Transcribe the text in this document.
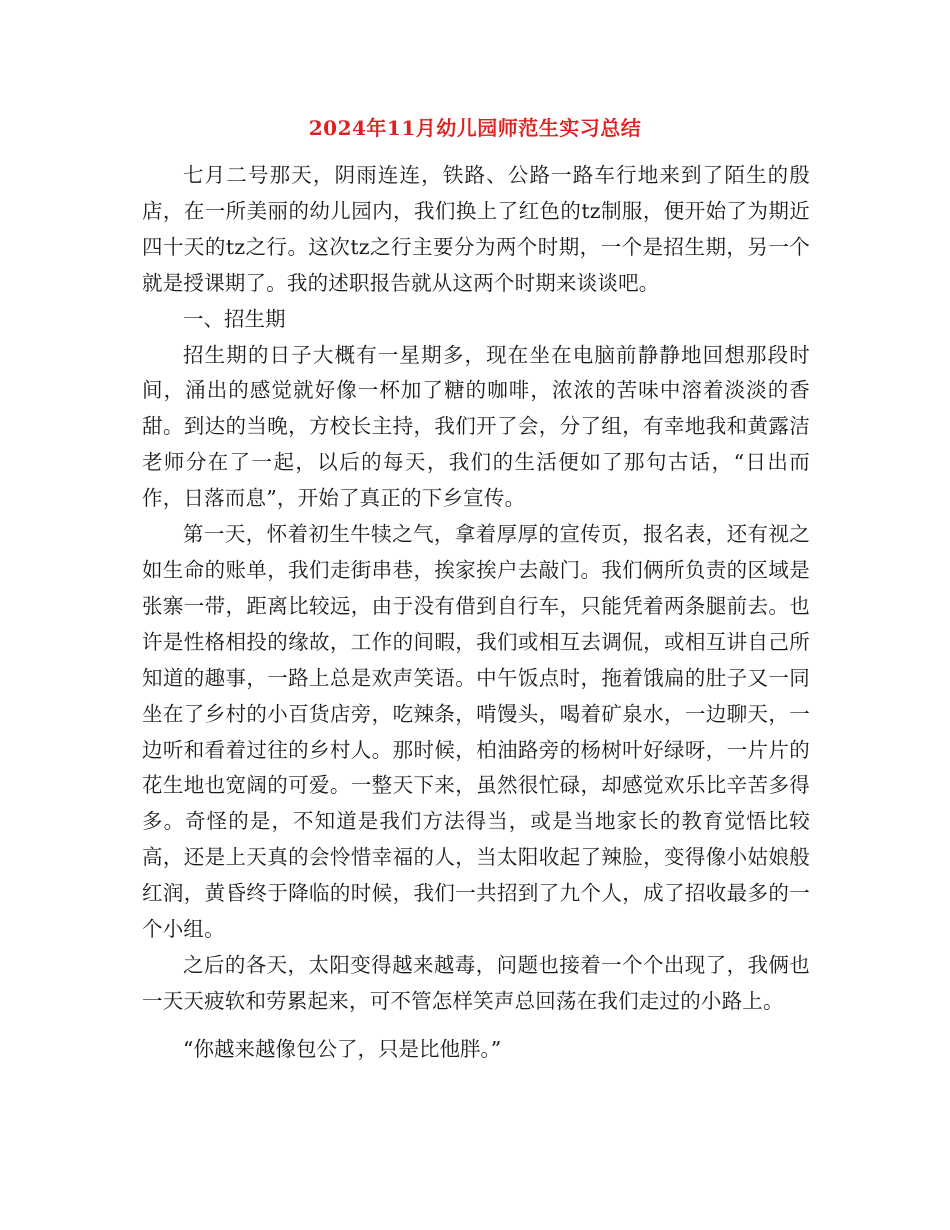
2024年11月幼儿园师范生实习总结

七月二号那天，阴雨连连，铁路、公路一路车行地来到了陌生的殷店，在一所美丽的幼儿园内，我们换上了红色的tz制服，便开始了为期近四十天的tz之行。这次tz之行主要分为两个时期，一个是招生期，另一个就是授课期了。我的述职报告就从这两个时期来谈谈吧。

一、招生期

招生期的日子大概有一星期多，现在坐在电脑前静静地回想那段时间，涌出的感觉就好像一杯加了糖的咖啡，浓浓的苦味中溶着淡淡的香甜。到达的当晚，方校长主持，我们开了会，分了组，有幸地我和黄露洁老师分在了一起，以后的每天，我们的生活便如了那句古话，“日出而作，日落而息”，开始了真正的下乡宣传。

第一天，怀着初生牛犊之气，拿着厚厚的宣传页，报名表，还有视之如生命的账单，我们走街串巷，挨家挨户去敲门。我们俩所负责的区域是张寨一带，距离比较远，由于没有借到自行车，只能凭着两条腿前去。也许是性格相投的缘故，工作的间暇，我们或相互去调侃，或相互讲自己所知道的趣事，一路上总是欢声笑语。中午饭点时，拖着饿扁的肚子又一同坐在了乡村的小百货店旁，吃辣条，啃馒头，喝着矿泉水，一边聊天，一边听和看着过往的乡村人。那时候，柏油路旁的杨树叶好绿呀，一片片的花生地也宽阔的可爱。一整天下来，虽然很忙碌，却感觉欢乐比辛苦多得多。奇怪的是，不知道是我们方法得当，或是当地家长的教育觉悟比较高，还是上天真的会怜惜幸福的人，当太阳收起了辣脸，变得像小姑娘般红润，黄昏终于降临的时候，我们一共招到了九个人，成了招收最多的一个小组。

之后的各天，太阳变得越来越毒，问题也接着一个个出现了，我俩也一天天疲软和劳累起来，可不管怎样笑声总回荡在我们走过的小路上。

“你越来越像包公了，只是比他胖。”
